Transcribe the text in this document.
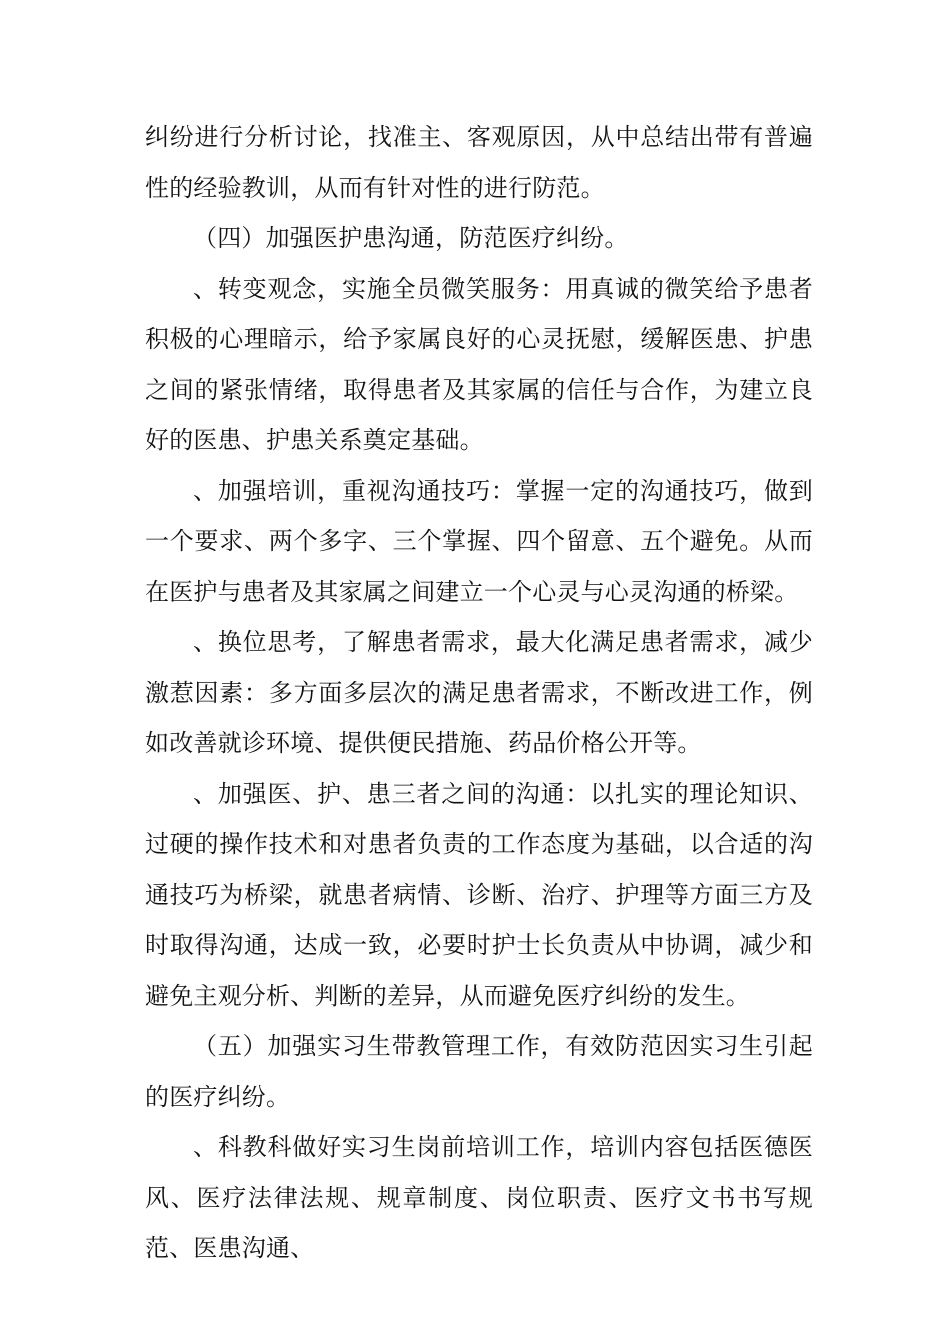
纠纷进行分析讨论，找准主、客观原因，从中总结出带有普遍性的经验教训，从而有针对性的进行防范。

（四）加强医护患沟通，防范医疗纠纷。

、转变观念，实施全员微笑服务：用真诚的微笑给予患者积极的心理暗示，给予家属良好的心灵抚慰，缓解医患、护患之间的紧张情绪，取得患者及其家属的信任与合作，为建立良好的医患、护患关系奠定基础。

、加强培训，重视沟通技巧：掌握一定的沟通技巧，做到一个要求、两个多字、三个掌握、四个留意、五个避免。从而在医护与患者及其家属之间建立一个心灵与心灵沟通的桥梁。

、换位思考，了解患者需求，最大化满足患者需求，减少激惹因素：多方面多层次的满足患者需求，不断改进工作，例如改善就诊环境、提供便民措施、药品价格公开等。

、加强医、护、患三者之间的沟通：以扎实的理论知识、过硬的操作技术和对患者负责的工作态度为基础，以合适的沟通技巧为桥梁，就患者病情、诊断、治疗、护理等方面三方及时取得沟通，达成一致，必要时护士长负责从中协调，减少和避免主观分析、判断的差异，从而避免医疗纠纷的发生。

（五）加强实习生带教管理工作，有效防范因实习生引起的医疗纠纷。

、科教科做好实习生岗前培训工作，培训内容包括医德医风、医疗法律法规、规章制度、岗位职责、医疗文书书写规范、医患沟通、
